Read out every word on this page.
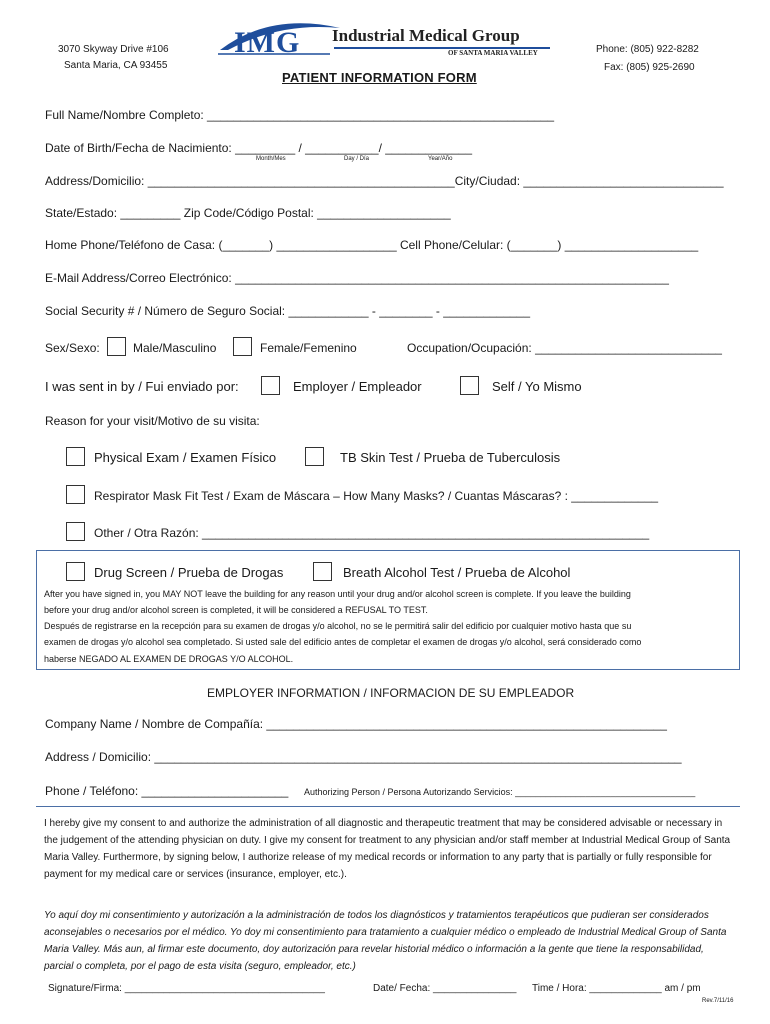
3070 Skyway Drive #106
Santa Maria, CA 93455
IMG Industrial Medical Group
OF SANTA MARIA VALLEY	Phone: (805) 922-8282
Fax: (805) 925-2690
PATIENT INFORMATION FORM
Full Name/Nombre Completo: ____________________________________________________
Date of Birth/Fecha de Nacimiento: _________ / ___________/ _____________
Month/Mes	Day / Día	Year/Año
Address/Domicilio: ______________________________________________City/Ciudad: ______________________________
State/Estado: _________ Zip Code/Código Postal: ____________________
Home Phone/Teléfono de Casa: (_______) __________________ Cell Phone/Celular: (_______) ____________________
E-Mail Address/Correo Electrónico: _________________________________________________________________
Social Security # / Número de Seguro Social: ____________ - ________ - _____________
Sex/Sexo:	Male/Masculino	Female/Femenino	Occupation/Ocupación: ____________________________
I was sent in by / Fui enviado por:	Employer / Empleador	Self / Yo Mismo
Reason for your visit/Motivo de su visita:
Physical Exam / Examen Físico	TB Skin Test / Prueba de Tuberculosis
Respirator Mask Fit Test / Exam de Máscara – How Many Masks? / Cuantas Máscaras? : _____________
Other / Otra Razón: ___________________________________________________________________
Drug Screen / Prueba de Drogas	Breath Alcohol Test / Prueba de Alcohol
After you have signed in, you MAY NOT leave the building for any reason until your drug and/or alcohol screen is complete. If you leave the building
before your drug and/or alcohol screen is completed, it will be considered a REFUSAL TO TEST.
Después de registrarse en la recepción para su examen de drogas y/o alcohol, no se le permitirá salir del edificio por cualquier motivo hasta que su
examen de drogas y/o alcohol sea completado. Si usted sale del edificio antes de completar el examen de drogas y/o alcohol, será considerado como
haberse NEGADO AL EXAMEN DE DROGAS Y/O ALCOHOL.
EMPLOYER INFORMATION / INFORMACION DE SU EMPLEADOR
Company Name / Nombre de Compañía: ____________________________________________________________
Address / Domicilio: _______________________________________________________________________________
Phone / Teléfono: ______________________ Authorizing Person / Persona Autorizando Servicios: ____________________________________
I hereby give my consent to and authorize the administration of all diagnostic and therapeutic treatment that may be considered advisable or necessary in the judgement of the attending physician on duty. I give my consent for treatment to any physician and/or staff member at Industrial Medical Group of Santa Maria Valley. Furthermore, by signing below, I authorize release of my medical records or information to any party that is partially or fully responsible for payment for my medical care or services (insurance, employer, etc.).
Yo aquí doy mi consentimiento y autorización a la administración de todos los diagnósticos y tratamientos terapéuticos que pudieran ser considerados aconsejables o necesarios por el médico. Yo doy mi consentimiento para tratamiento a cualquier médico o empleado de Industrial Medical Group of Santa Maria Valley. Más aun, al firmar este documento, doy autorización para revelar historial médico o información a la gente que tiene la responsabilidad, parcial o completa, por el pago de esta visita (seguro, empleador, etc.)
Signature/Firma: ____________________________________	Date/ Fecha: _______________ Time / Hora: _____________ am / pm
Rev.7/11/16
